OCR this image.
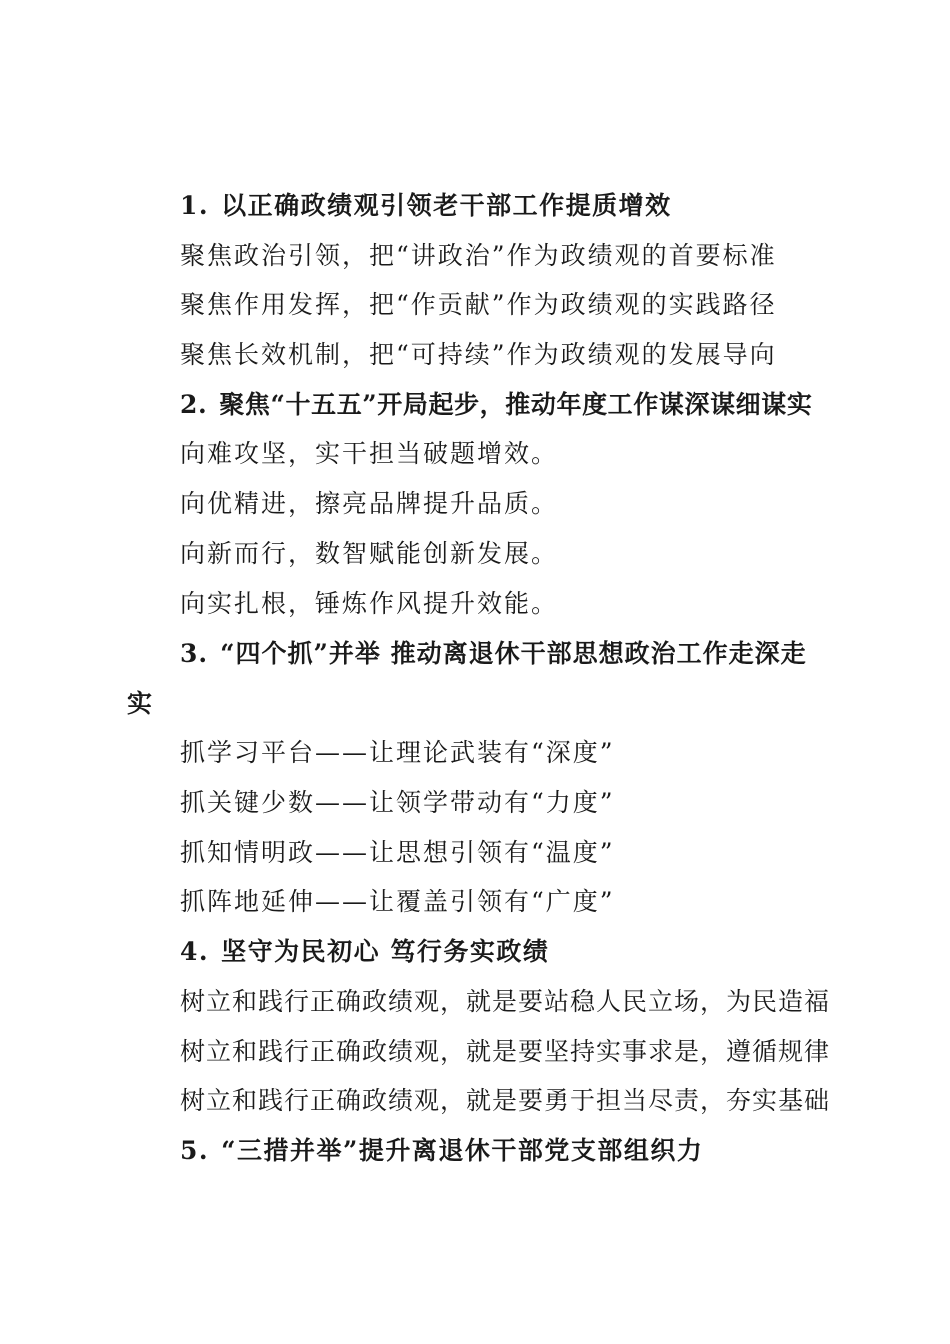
1. 以正确政绩观引领老干部工作提质增效
聚焦政治引领，把“讲政治”作为政绩观的首要标准
聚焦作用发挥，把“作贡献”作为政绩观的实践路径
聚焦长效机制，把“可持续”作为政绩观的发展导向
2. 聚焦“十五五”开局起步，推动年度工作谋深谋细谋实
向难攻坚，实干担当破题增效。
向优精进，擦亮品牌提升品质。
向新而行，数智赋能创新发展。
向实扎根，锤炼作风提升效能。
3. “四个抓”并举 推动离退休干部思想政治工作走深走
实
抓学习平台——让理论武装有“深度”
抓关键少数——让领学带动有“力度”
抓知情明政——让思想引领有“温度”
抓阵地延伸——让覆盖引领有“广度”
4. 坚守为民初心 笃行务实政绩
树立和践行正确政绩观，就是要站稳人民立场，为民造福
树立和践行正确政绩观，就是要坚持实事求是，遵循规律
树立和践行正确政绩观，就是要勇于担当尽责，夯实基础
5. “三措并举”提升离退休干部党支部组织力
